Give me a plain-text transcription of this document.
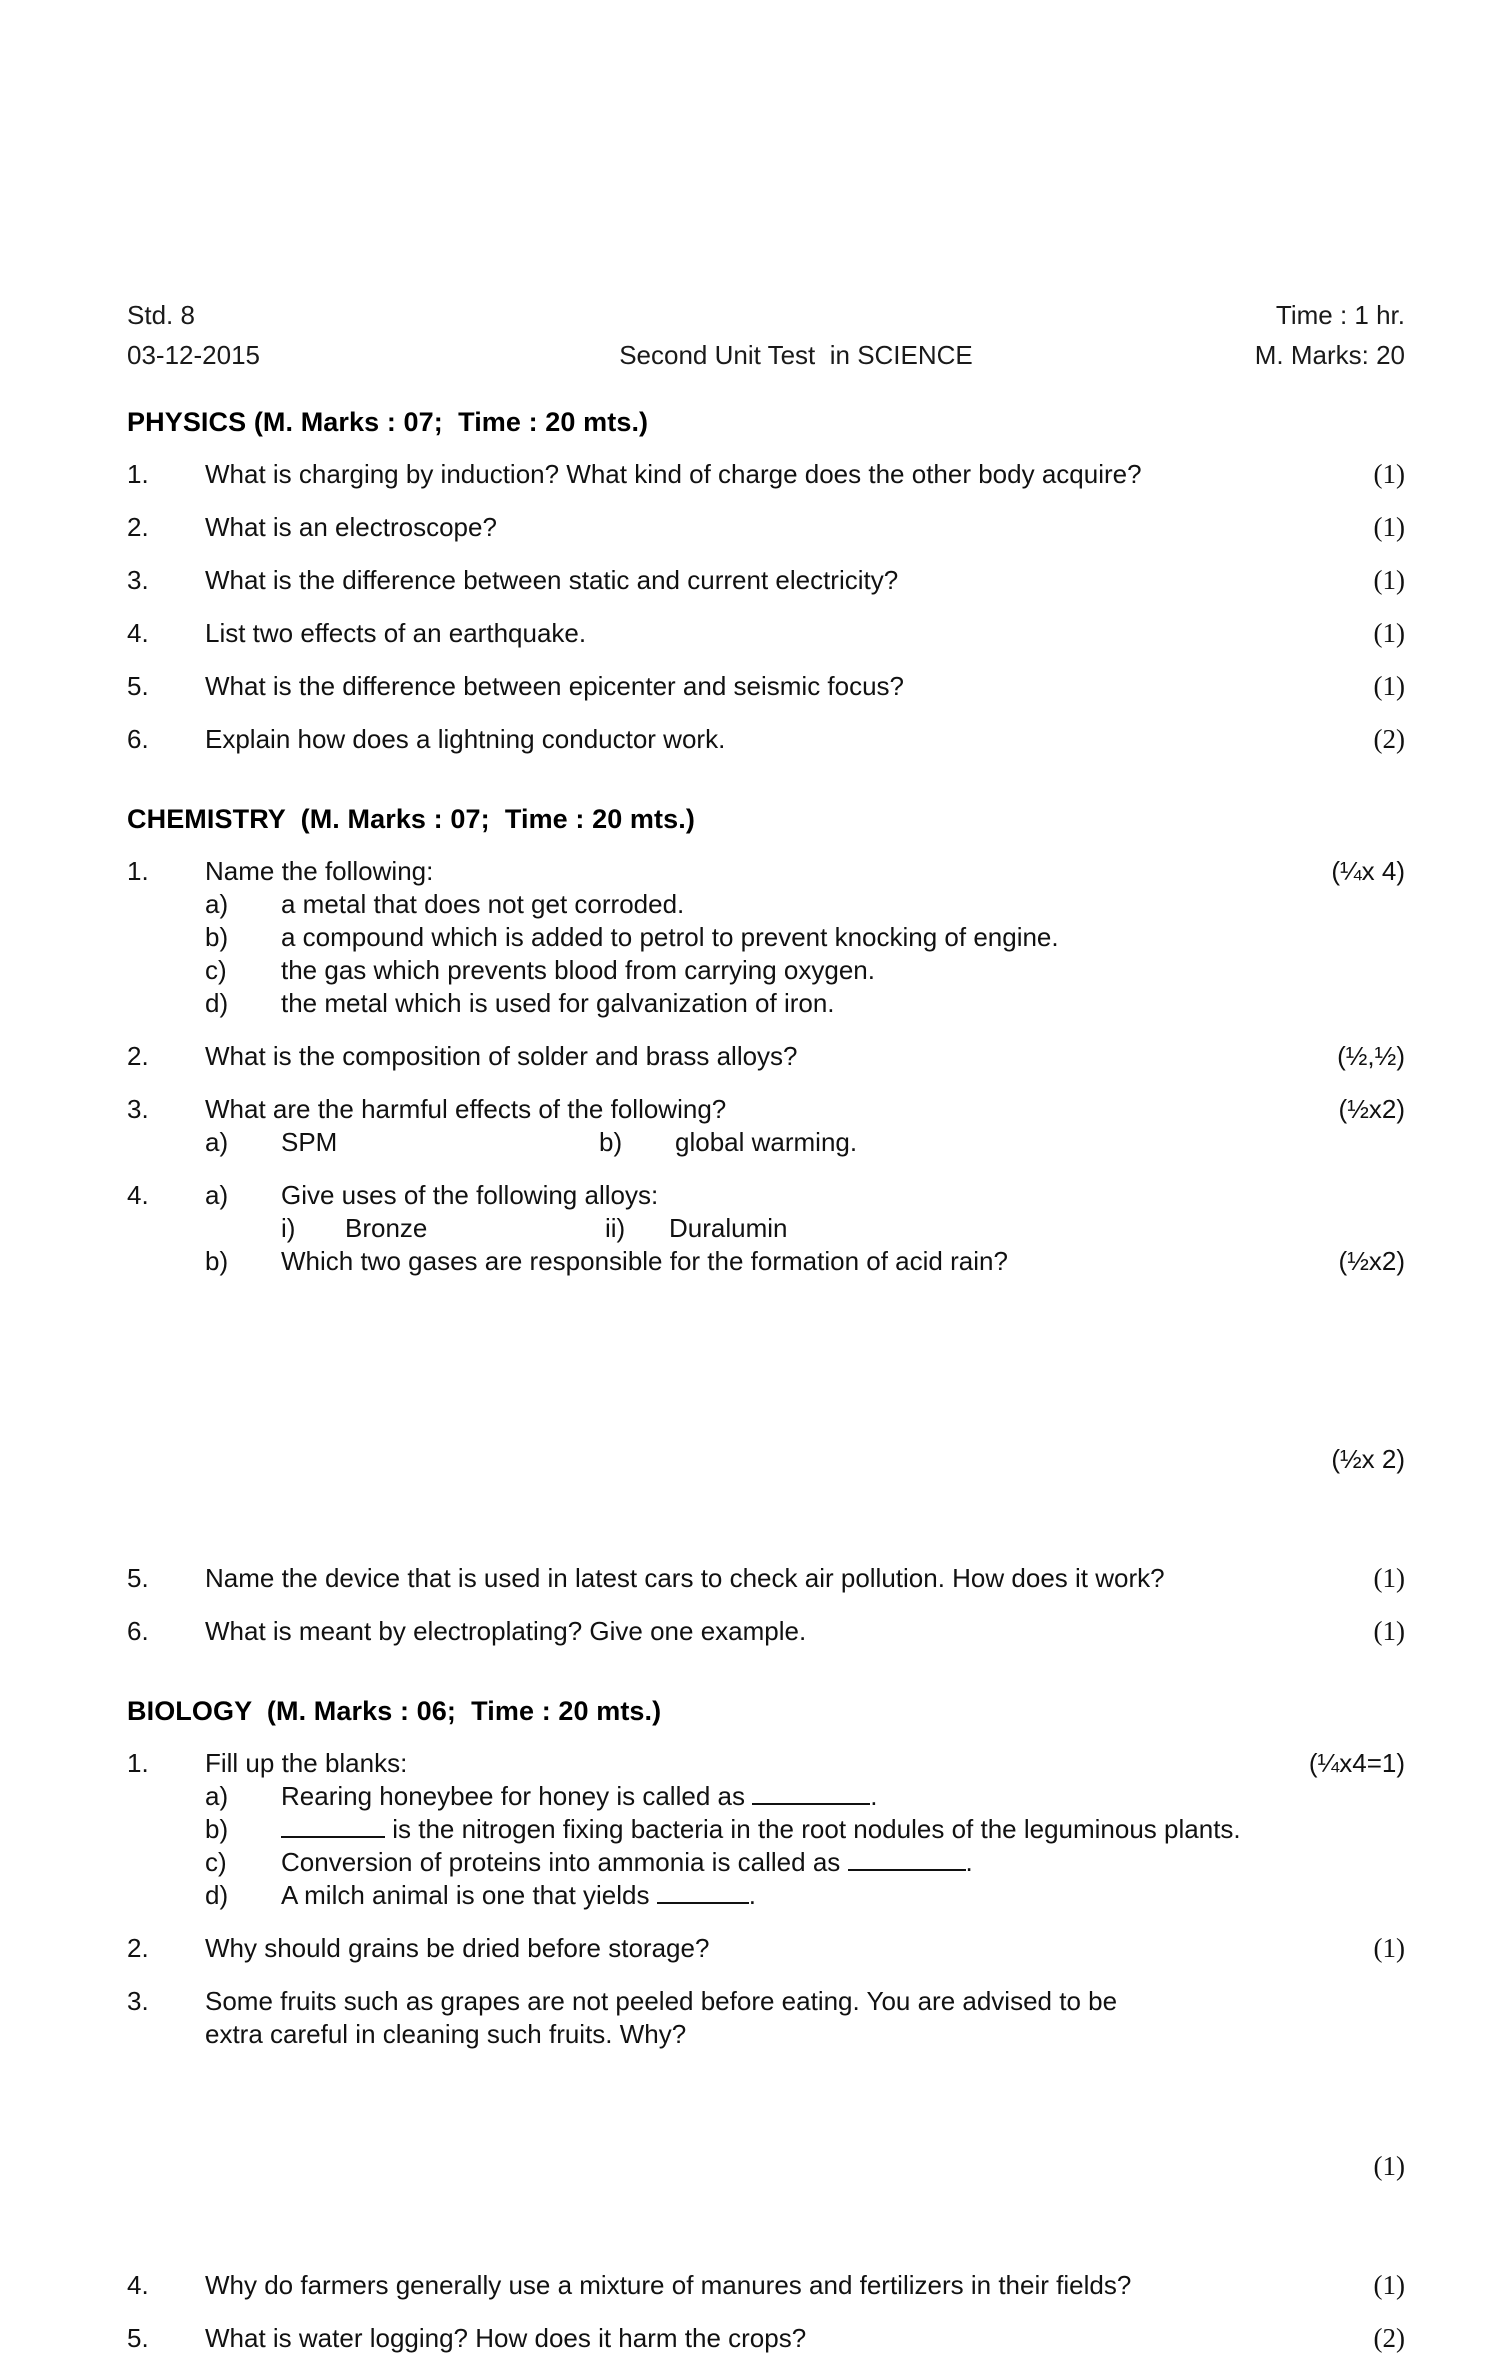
Std. 8	Time : 1 hr.
03-12-2015	Second Unit Test  in SCIENCE	M. Marks: 20
PHYSICS (M. Marks : 07;  Time : 20 mts.)
1.	What is charging by induction? What kind of charge does the other body acquire?	(1)
2.	What is an electroscope?	(1)
3.	What is the difference between static and current electricity?	(1)
4.	List two effects of an earthquake.	(1)
5.	What is the difference between epicenter and seismic focus?	(1)
6.	Explain how does a lightning conductor work.	(2)
CHEMISTRY  (M. Marks : 07;  Time : 20 mts.)
1.	Name the following:
a)	a metal that does not get corroded.
b)	a compound which is added to petrol to prevent knocking of engine.
c)	the gas which prevents blood from carrying oxygen.
d)	the metal which is used for galvanization of iron.
(¼x 4)
2.	What is the composition of solder and brass alloys?	(½,½)
3.	What are the harmful effects of the following?
a)	SPM	b) global warming.
(½x2)
4.	a)	Give uses of the following alloys:
i) Bronze	ii) Duralumin
b)	Which two gases are responsible for the formation of acid rain?

	(½x2)

(½x 2)

5.	Name the device that is used in latest cars to check air pollution. How does it work?	(1)
6.	What is meant by electroplating? Give one example.	(1)
BIOLOGY  (M. Marks : 06;  Time : 20 mts.)
1.	Fill up the blanks:
a)	Rearing honeybee for honey is called as	.
b)	is the nitrogen fixing bacteria in the root nodules of the leguminous plants.
c)	Conversion of proteins into ammonia is called as	.
d)	A milch animal is one that yields	.
(¼x4=1)
2.	Why should grains be dried before storage?	(1)
3.	Some fruits such as grapes are not peeled before eating. You are advised to be
extra careful in cleaning such fruits. Why?

(1)

4.	Why do farmers generally use a mixture of manures and fertilizers in their fields?	(1)
5.	What is water logging? How does it harm the crops?	(2)
